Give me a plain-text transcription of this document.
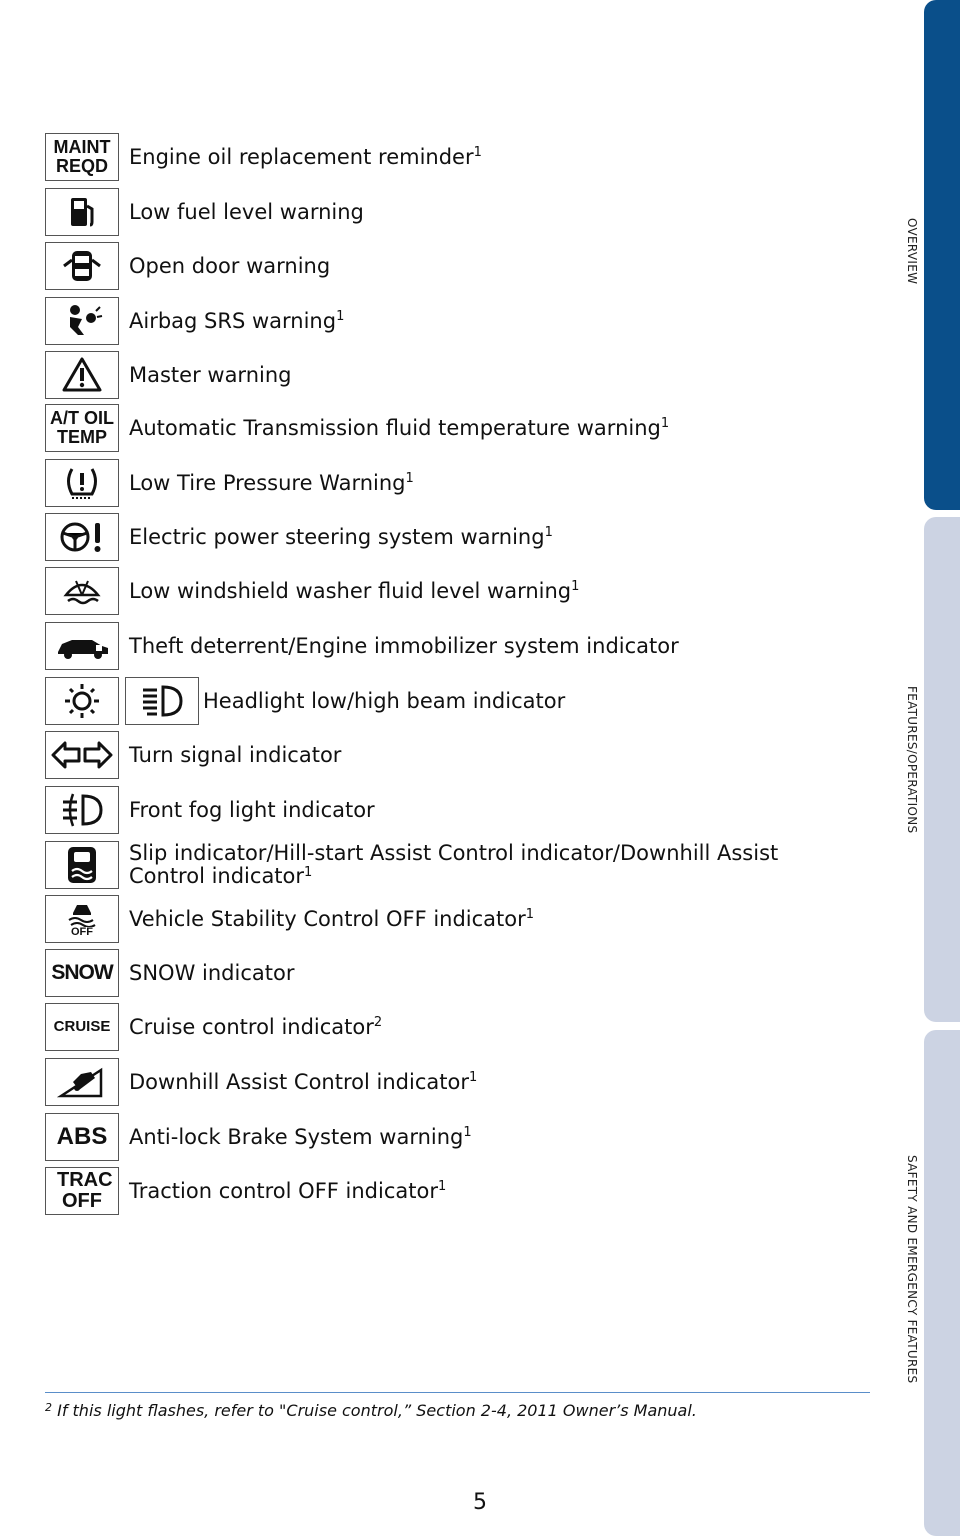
OVERVIEW
FEATURES/OPERATIONS
SAFETY AND EMERGENCY FEATURES
MAINT REQD Engine oil replacement reminder$^1$
Low fuel level warning
Open door warning
Airbag SRS warning$^1$
Master warning
A/T OIL TEMP	Automatic Transmission fluid temperature warning$^1$
Low Tire Pressure Warning$^1$
Electric power steering system warning$^1$
Low windshield washer fluid level warning$^1$
Theft deterrent/Engine immobilizer system indicator
Headlight low/high beam indicator
Turn signal indicator
Front fog light indicator
Slip indicator/Hill-start Assist Control indicator/Downhill Assist Control indicator$^1$
OFF
Vehicle Stability Control OFF indicator$^1$
SNOW SNOW indicator
CRUISE Cruise control indicator$^2$
Downhill Assist Control indicator$^1$
ABS Anti-lock Brake System warning$^1$
TRAC OFF Traction control OFF indicator$^1$
$^2$ If this light flashes, refer to "Cruise control,” Section 2-4, 2011 Owner’s Manual.
5
